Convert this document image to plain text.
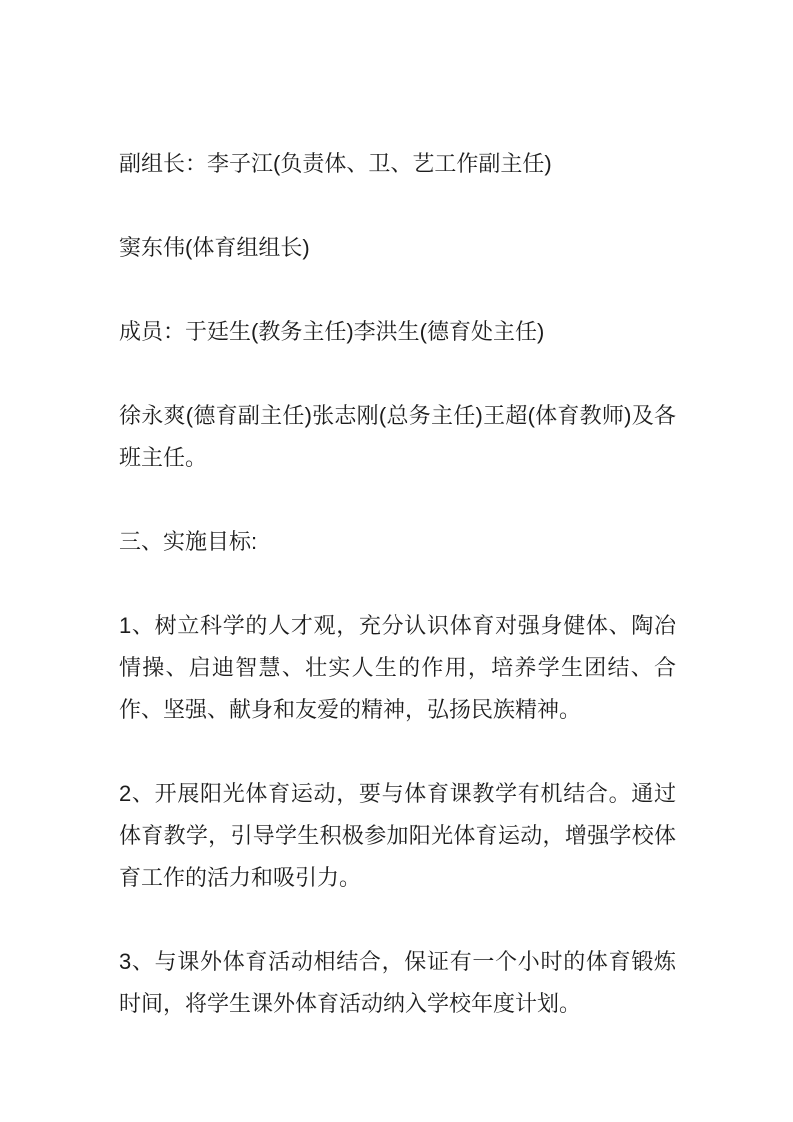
副组长：李子江(负责体、卫、艺工作副主任)

窦东伟(体育组组长)

成员：于廷生(教务主任)李洪生(德育处主任)

徐永爽(德育副主任)张志刚(总务主任)王超(体育教师)及各班主任。

三、实施目标:

1、树立科学的人才观，充分认识体育对强身健体、陶冶情操、启迪智慧、壮实人生的作用，培养学生团结、合作、坚强、献身和友爱的精神，弘扬民族精神。

2、开展阳光体育运动，要与体育课教学有机结合。通过体育教学，引导学生积极参加阳光体育运动，增强学校体育工作的活力和吸引力。

3、与课外体育活动相结合，保证有一个小时的体育锻炼时间，将学生课外体育活动纳入学校年度计划。
